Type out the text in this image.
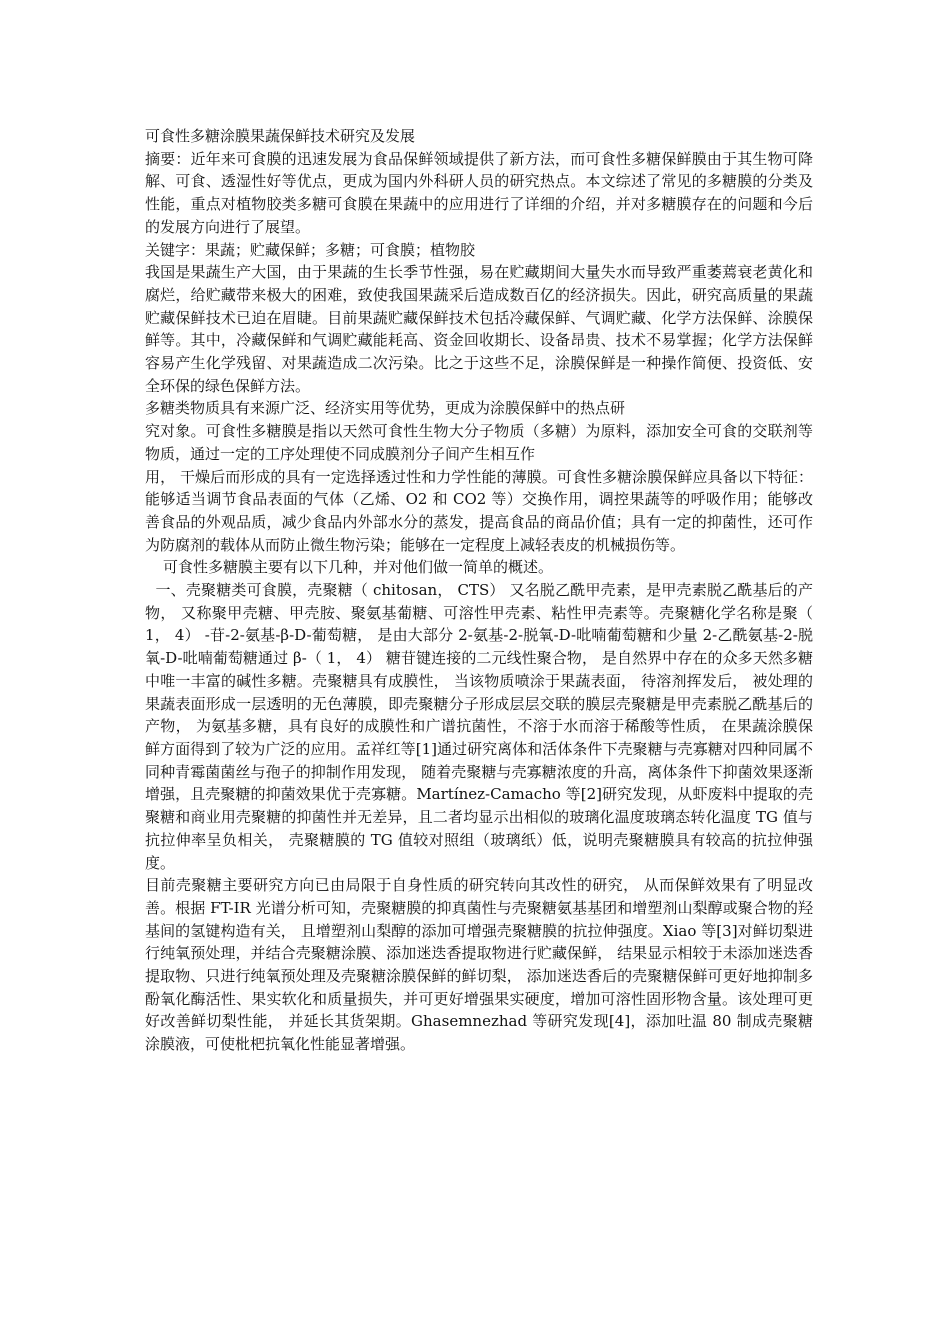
可食性多糖涂膜果蔬保鲜技术研究及发展

摘要：近年来可食膜的迅速发展为食品保鲜领域提供了新方法，而可食性多糖保鲜膜由于其生物可降解、可食、透湿性好等优点，更成为国内外科研人员的研究热点。本文综述了常见的多糖膜的分类及性能，重点对植物胶类多糖可食膜在果蔬中的应用进行了详细的介绍，并对多糖膜存在的问题和今后的发展方向进行了展望。

关键字：果蔬；贮藏保鲜；多糖；可食膜；植物胶

我国是果蔬生产大国，由于果蔬的生长季节性强，易在贮藏期间大量失水而导致严重萎蔫衰老黄化和腐烂，给贮藏带来极大的困难，致使我国果蔬采后造成数百亿的经济损失。因此，研究高质量的果蔬贮藏保鲜技术已迫在眉睫。目前果蔬贮藏保鲜技术包括冷藏保鲜、气调贮藏、化学方法保鲜、涂膜保鲜等。其中，冷藏保鲜和气调贮藏能耗高、资金回收期长、设备昂贵、技术不易掌握；化学方法保鲜容易产生化学残留、对果蔬造成二次污染。比之于这些不足，涂膜保鲜是一种操作简便、投资低、安全环保的绿色保鲜方法。

多糖类物质具有来源广泛、经济实用等优势，更成为涂膜保鲜中的热点研

究对象。可食性多糖膜是指以天然可食性生物大分子物质（多糖）为原料，添加安全可食的交联剂等物质，通过一定的工序处理使不同成膜剂分子间产生相互作

用， 干燥后而形成的具有一定选择透过性和力学性能的薄膜。可食性多糖涂膜保鲜应具备以下特征： 能够适当调节食品表面的气体（乙烯、O2 和 CO2 等）交换作用，调控果蔬等的呼吸作用；能够改善食品的外观品质，减少食品内外部水分的蒸发，提高食品的商品价值；具有一定的抑菌性，还可作为防腐剂的载体从而防止微生物污染；能够在一定程度上减轻表皮的机械损伤等。

可食性多糖膜主要有以下几种，并对他们做一简单的概述。

一、壳聚糖类可食膜，壳聚糖（ chitosan， CTS） 又名脱乙酰甲壳素，是甲壳素脱乙酰基后的产物， 又称聚甲壳糖、甲壳胺、聚氨基葡糖、可溶性甲壳素、粘性甲壳素等。壳聚糖化学名称是聚（ 1， 4） -苷-2-氨基-β-D-葡萄糖， 是由大部分 2-氨基-2-脱氧-D-吡喃葡萄糖和少量 2-乙酰氨基-2-脱氧-D-吡喃葡萄糖通过 β-（ 1， 4） 糖苷键连接的二元线性聚合物， 是自然界中存在的众多天然多糖中唯一丰富的碱性多糖。壳聚糖具有成膜性， 当该物质喷涂于果蔬表面， 待溶剂挥发后， 被处理的果蔬表面形成一层透明的无色薄膜，即壳聚糖分子形成层层交联的膜层壳聚糖是甲壳素脱乙酰基后的产物， 为氨基多糖，具有良好的成膜性和广谱抗菌性，不溶于水而溶于稀酸等性质， 在果蔬涂膜保鲜方面得到了较为广泛的应用。孟祥红等[1]通过研究离体和活体条件下壳聚糖与壳寡糖对四种同属不同种青霉菌菌丝与孢子的抑制作用发现， 随着壳聚糖与壳寡糖浓度的升高，离体条件下抑菌效果逐渐增强，且壳聚糖的抑菌效果优于壳寡糖。Martínez-Camacho 等[2]研究发现，从虾废料中提取的壳聚糖和商业用壳聚糖的抑菌性并无差异，且二者均显示出相似的玻璃化温度玻璃态转化温度 TG 值与抗拉伸率呈负相关， 壳聚糖膜的 TG 值较对照组（玻璃纸）低，说明壳聚糖膜具有较高的抗拉伸强度。

目前壳聚糖主要研究方向已由局限于自身性质的研究转向其改性的研究， 从而保鲜效果有了明显改善。根据 FT-IR 光谱分析可知，壳聚糖膜的抑真菌性与壳聚糖氨基基团和增塑剂山梨醇或聚合物的羟基间的氢键构造有关， 且增塑剂山梨醇的添加可增强壳聚糖膜的抗拉伸强度。Xiao 等[3]对鲜切梨进行纯氧预处理，并结合壳聚糖涂膜、添加迷迭香提取物进行贮藏保鲜， 结果显示相较于未添加迷迭香提取物、只进行纯氧预处理及壳聚糖涂膜保鲜的鲜切梨， 添加迷迭香后的壳聚糖保鲜可更好地抑制多酚氧化酶活性、果实软化和质量损失，并可更好增强果实硬度，增加可溶性固形物含量。该处理可更好改善鲜切梨性能， 并延长其货架期。Ghasemnezhad 等研究发现[4]，添加吐温 80 制成壳聚糖涂膜液，可使枇杷抗氧化性能显著增强。
